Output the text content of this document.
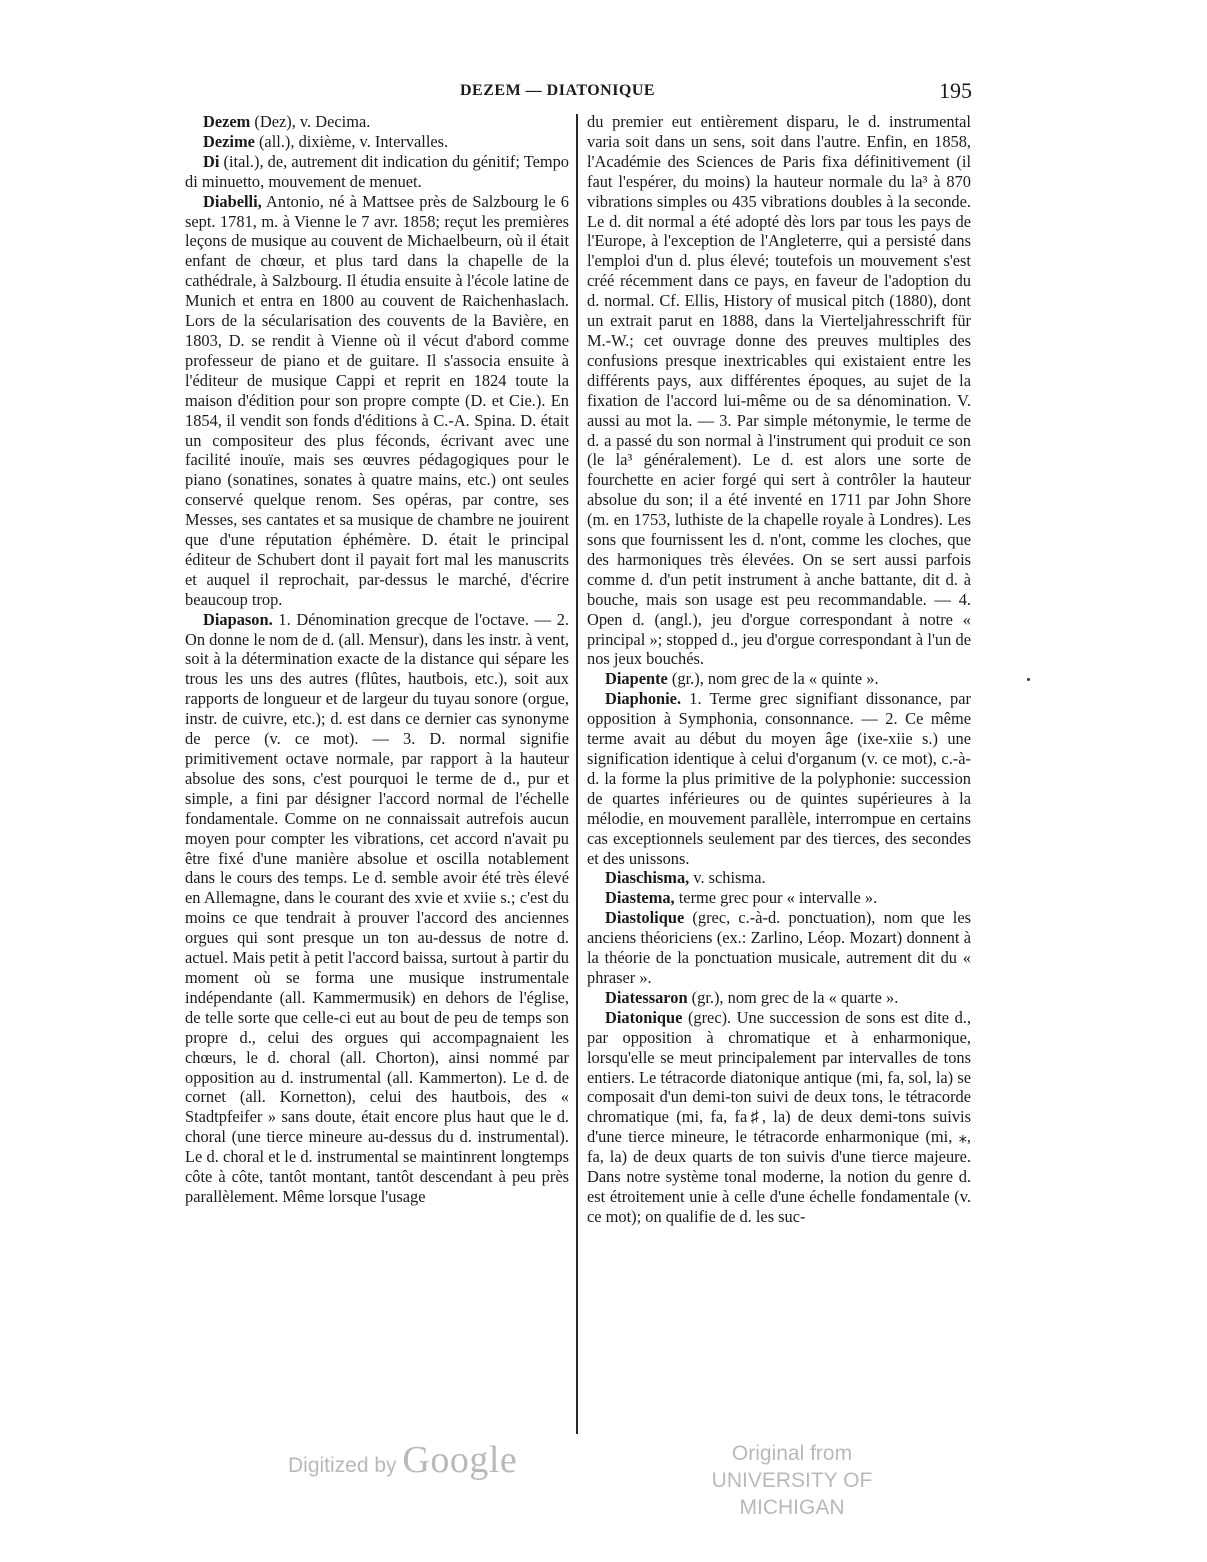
DEZEM — DIATONIQUE	195

Dezem (Dez), v. Decima.

Dezime (all.), dixième, v. Intervalles.

Di (ital.), de, autrement dit indication du génitif; Tempo di minuetto, mouvement de menuet.

Diabelli, Antonio, né à Mattsee près de Salzbourg le 6 sept. 1781, m. à Vienne le 7 avr. 1858; reçut les premières leçons de musique au couvent de Michaelbeurn, où il était enfant de chœur, et plus tard dans la chapelle de la cathédrale, à Salzbourg. Il étudia ensuite à l'école latine de Munich et entra en 1800 au couvent de Raichenhaslach. Lors de la sécularisation des couvents de la Bavière, en 1803, D. se rendit à Vienne où il vécut d'abord comme professeur de piano et de guitare. Il s'associa ensuite à l'éditeur de musique Cappi et reprit en 1824 toute la maison d'édition pour son propre compte (D. et Cie.). En 1854, il vendit son fonds d'éditions à C.-A. Spina. D. était un compositeur des plus féconds, écrivant avec une facilité inouïe, mais ses œuvres pédagogiques pour le piano (sonatines, sonates à quatre mains, etc.) ont seules conservé quelque renom. Ses opéras, par contre, ses Messes, ses cantates et sa musique de chambre ne jouirent que d'une réputation éphémère. D. était le principal éditeur de Schubert dont il payait fort mal les manuscrits et auquel il reprochait, par-dessus le marché, d'écrire beaucoup trop.

Diapason. 1. Dénomination grecque de l'octave. — 2. On donne le nom de d. (all. Mensur), dans les instr. à vent, soit à la détermination exacte de la distance qui sépare les trous les uns des autres (flûtes, hautbois, etc.), soit aux rapports de longueur et de largeur du tuyau sonore (orgue, instr. de cuivre, etc.); d. est dans ce dernier cas synonyme de perce (v. ce mot). — 3. D. normal signifie primitivement octave normale, par rapport à la hauteur absolue des sons, c'est pourquoi le terme de d., pur et simple, a fini par désigner l'accord normal de l'échelle fondamentale. Comme on ne connaissait autrefois aucun moyen pour compter les vibrations, cet accord n'avait pu être fixé d'une manière absolue et oscilla notablement dans le cours des temps. Le d. semble avoir été très élevé en Allemagne, dans le courant des xvie et xviie s.; c'est du moins ce que tendrait à prouver l'accord des anciennes orgues qui sont presque un ton au-dessus de notre d. actuel. Mais petit à petit l'accord baissa, surtout à partir du moment où se forma une musique instrumentale indépendante (all. Kammermusik) en dehors de l'église, de telle sorte que celle-ci eut au bout de peu de temps son propre d., celui des orgues qui accompagnaient les chœurs, le d. choral (all. Chorton), ainsi nommé par opposition au d. instrumental (all. Kammerton). Le d. de cornet (all. Kornetton), celui des hautbois, des « Stadtpfeifer » sans doute, était encore plus haut que le d. choral (une tierce mineure au-dessus du d. instrumental). Le d. choral et le d. instrumental se maintinrent longtemps côte à côte, tantôt montant, tantôt descendant à peu près parallèlement. Même lorsque l'usage

du premier eut entièrement disparu, le d. instrumental varia soit dans un sens, soit dans l'autre. Enfin, en 1858, l'Académie des Sciences de Paris fixa définitivement (il faut l'espérer, du moins) la hauteur normale du la³ à 870 vibrations simples ou 435 vibrations doubles à la seconde. Le d. dit normal a été adopté dès lors par tous les pays de l'Europe, à l'exception de l'Angleterre, qui a persisté dans l'emploi d'un d. plus élevé; toutefois un mouvement s'est créé récemment dans ce pays, en faveur de l'adoption du d. normal. Cf. Ellis, History of musical pitch (1880), dont un extrait parut en 1888, dans la Vierteljahresschrift für M.-W.; cet ouvrage donne des preuves multiples des confusions presque inextricables qui existaient entre les différents pays, aux différentes époques, au sujet de la fixation de l'accord lui-même ou de sa dénomination. V. aussi au mot la. — 3. Par simple métonymie, le terme de d. a passé du son normal à l'instrument qui produit ce son (le la³ généralement). Le d. est alors une sorte de fourchette en acier forgé qui sert à contrôler la hauteur absolue du son; il a été inventé en 1711 par John Shore (m. en 1753, luthiste de la chapelle royale à Londres). Les sons que fournissent les d. n'ont, comme les cloches, que des harmoniques très élevées. On se sert aussi parfois comme d. d'un petit instrument à anche battante, dit d. à bouche, mais son usage est peu recommandable. — 4. Open d. (angl.), jeu d'orgue correspondant à notre « principal »; stopped d., jeu d'orgue correspondant à l'un de nos jeux bouchés.

Diapente (gr.), nom grec de la « quinte ».

Diaphonie. 1. Terme grec signifiant dissonance, par opposition à Symphonia, consonnance. — 2. Ce même terme avait au début du moyen âge (ixe-xiie s.) une signification identique à celui d'organum (v. ce mot), c.-à-d. la forme la plus primitive de la polyphonie: succession de quartes inférieures ou de quintes supérieures à la mélodie, en mouvement parallèle, interrompue en certains cas exceptionnels seulement par des tierces, des secondes et des unissons.

Diaschisma, v. schisma.

Diastema, terme grec pour « intervalle ».

Diastolique (grec, c.-à-d. ponctuation), nom que les anciens théoriciens (ex.: Zarlino, Léop. Mozart) donnent à la théorie de la ponctuation musicale, autrement dit du « phraser ».

Diatessaron (gr.), nom grec de la « quarte ».

Diatonique (grec). Une succession de sons est dite d., par opposition à chromatique et à enharmonique, lorsqu'elle se meut principalement par intervalles de tons entiers. Le tétracorde diatonique antique (mi, fa, sol, la) se composait d'un demi-ton suivi de deux tons, le tétracorde chromatique (mi, fa, fa♯, la) de deux demi-tons suivis d'une tierce mineure, le tétracorde enharmonique (mi, ⁎, fa, la) de deux quarts de ton suivis d'une tierce majeure. Dans notre système tonal moderne, la notion du genre d. est étroitement unie à celle d'une échelle fondamentale (v. ce mot); on qualifie de d. les suc-

Digitized by Google	Original from
UNIVERSITY OF MICHIGAN
